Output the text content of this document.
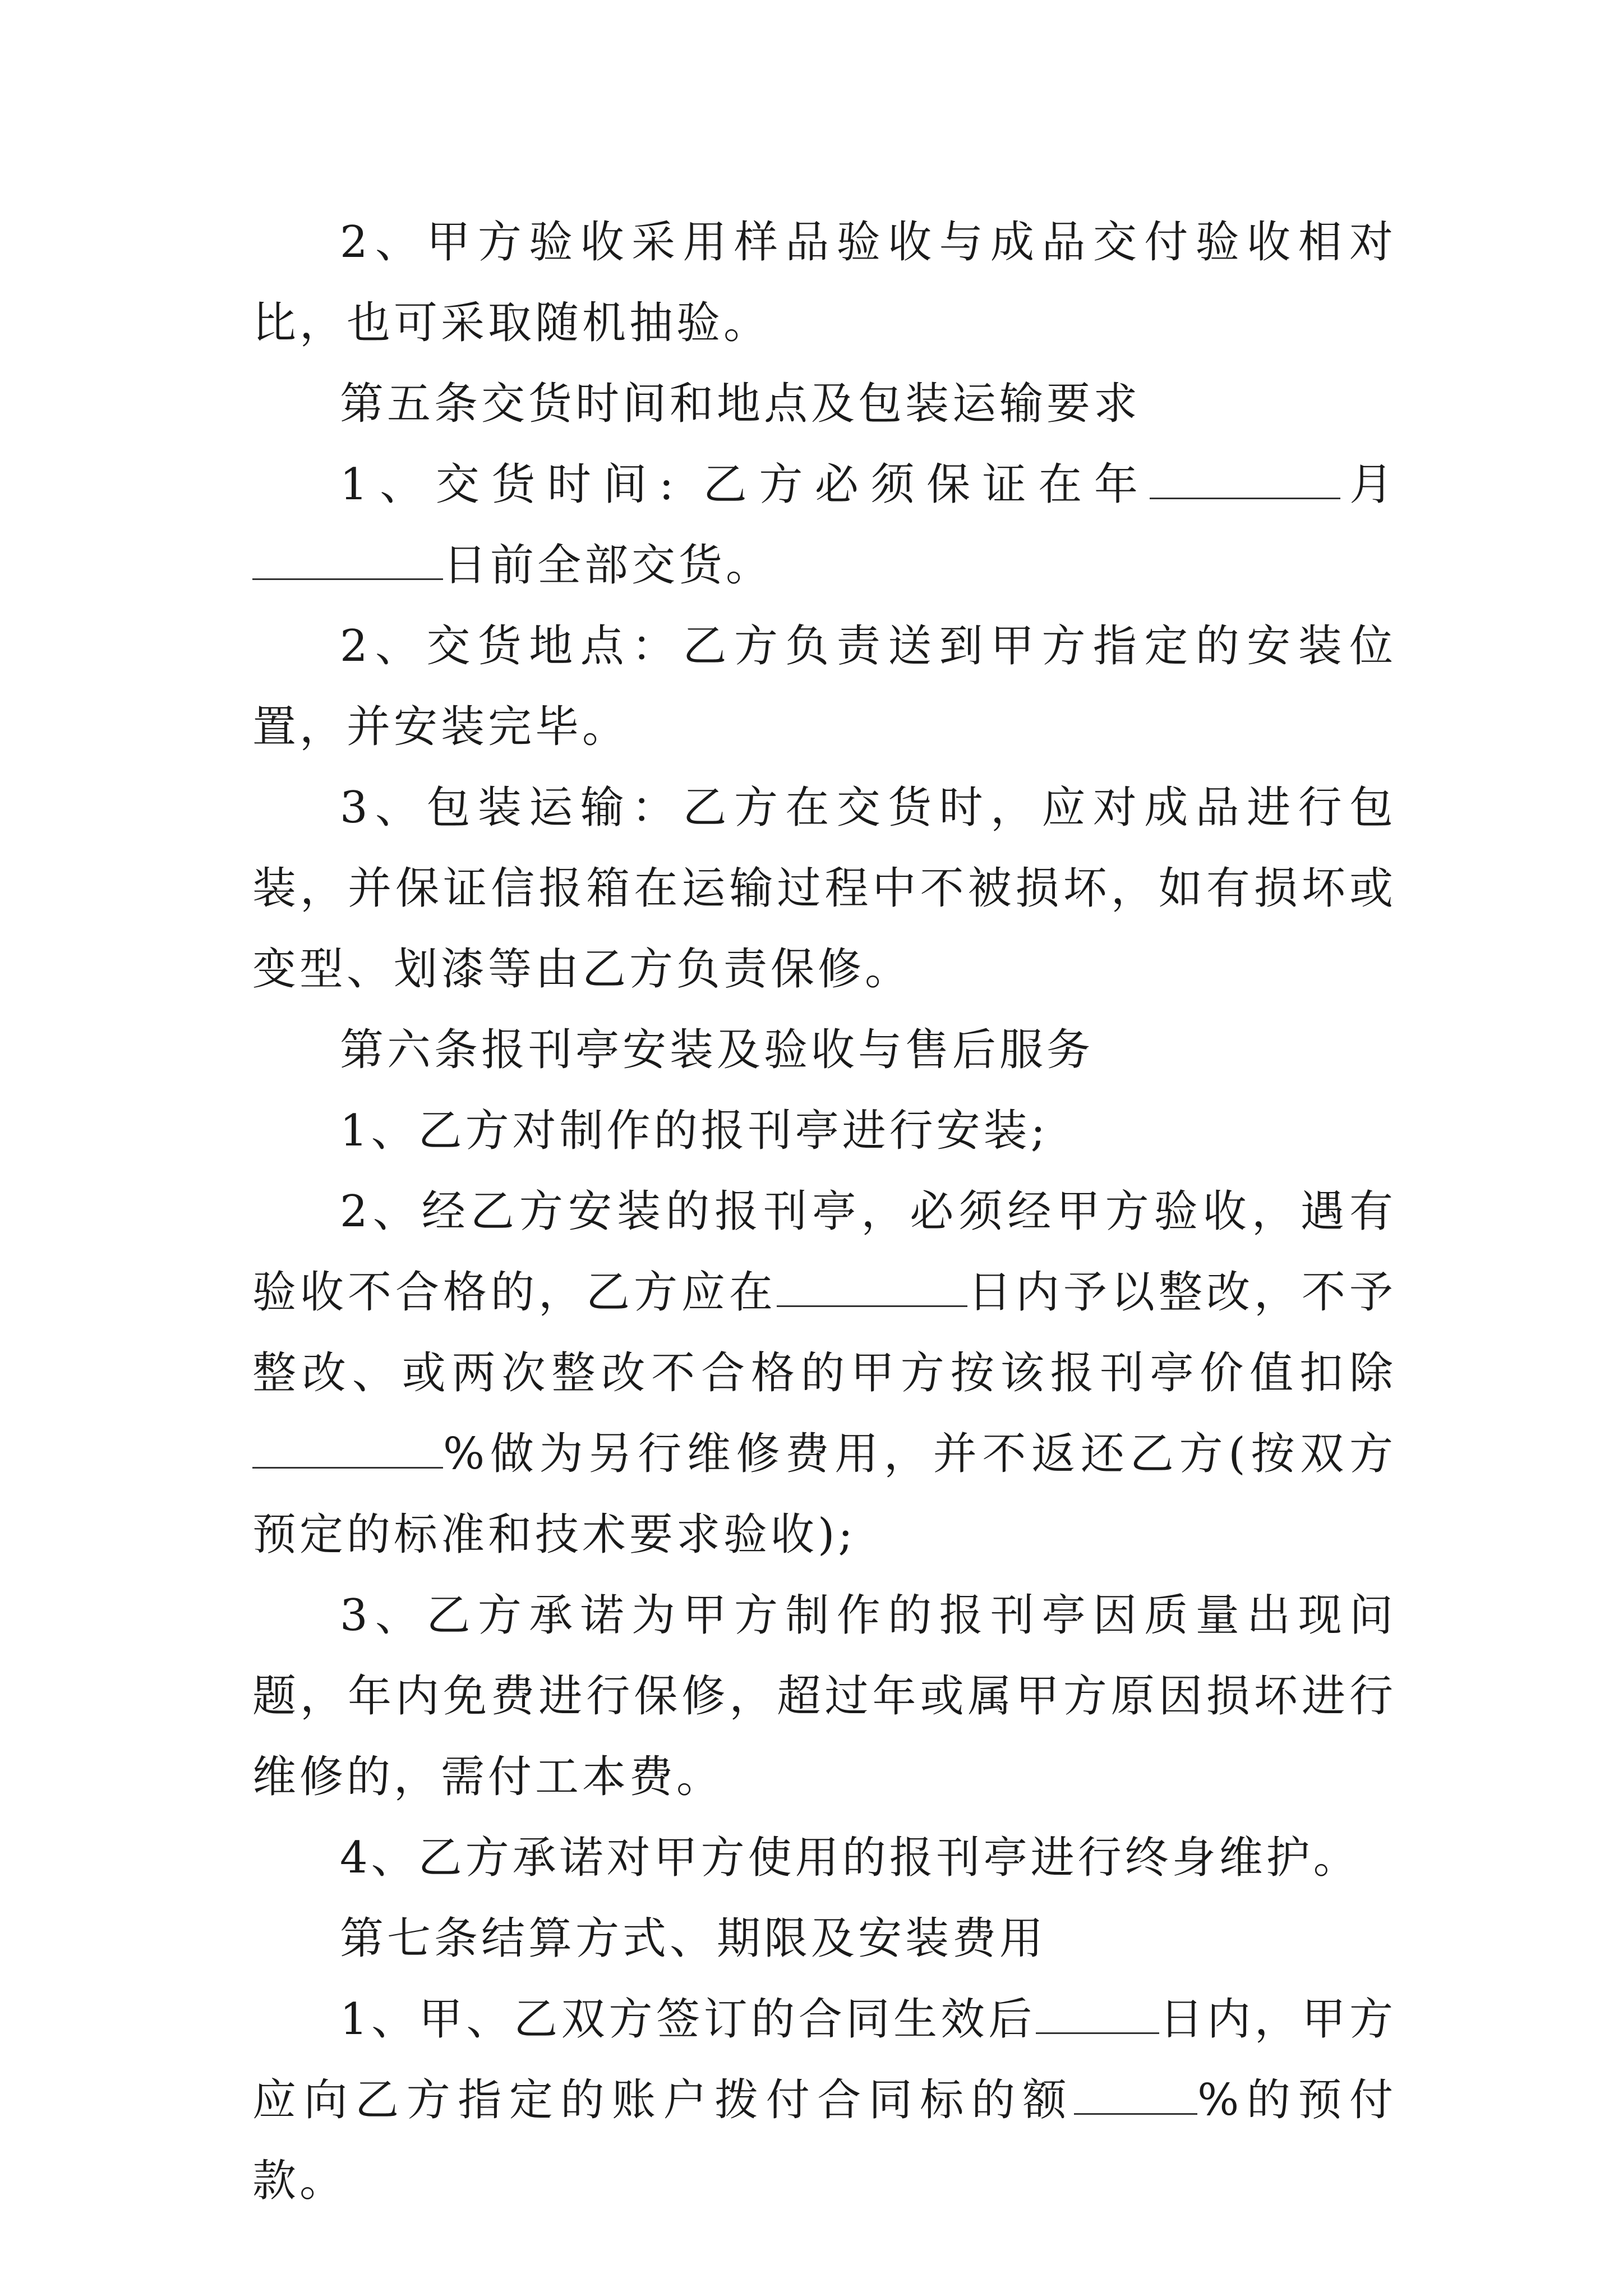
2、甲方验收采用样品验收与成品交付验收相对比，也可采取随机抽验。

第五条交货时间和地点及包装运输要求

1、交货时间: 乙方必须保证在年	月日前全部交货。

2、交货地点：乙方负责送到甲方指定的安装位置，并安装完毕。

3、包装运输：乙方在交货时，应对成品进行包装，并保证信报箱在运输过程中不被损坏，如有损坏或变型、划漆等由乙方负责保修。

第六条报刊亭安装及验收与售后服务

1、乙方对制作的报刊亭进行安装;

2、经乙方安装的报刊亭，必须经甲方验收，遇有验收不合格的，乙方应在	日内予以整改，不予整改、或两次整改不合格的甲方按该报刊亭价值扣除%做为另行维修费用，并不返还乙方(按双方预定的标准和技术要求验收);

3、乙方承诺为甲方制作的报刊亭因质量出现问题，年内免费进行保修，超过年或属甲方原因损坏进行维修的，需付工本费。

4、乙方承诺对甲方使用的报刊亭进行终身维护。

第七条结算方式、期限及安装费用

1、甲、乙双方签订的合同生效后	日内，甲方应向乙方指定的账户拨付合同标的额	%的预付款。
